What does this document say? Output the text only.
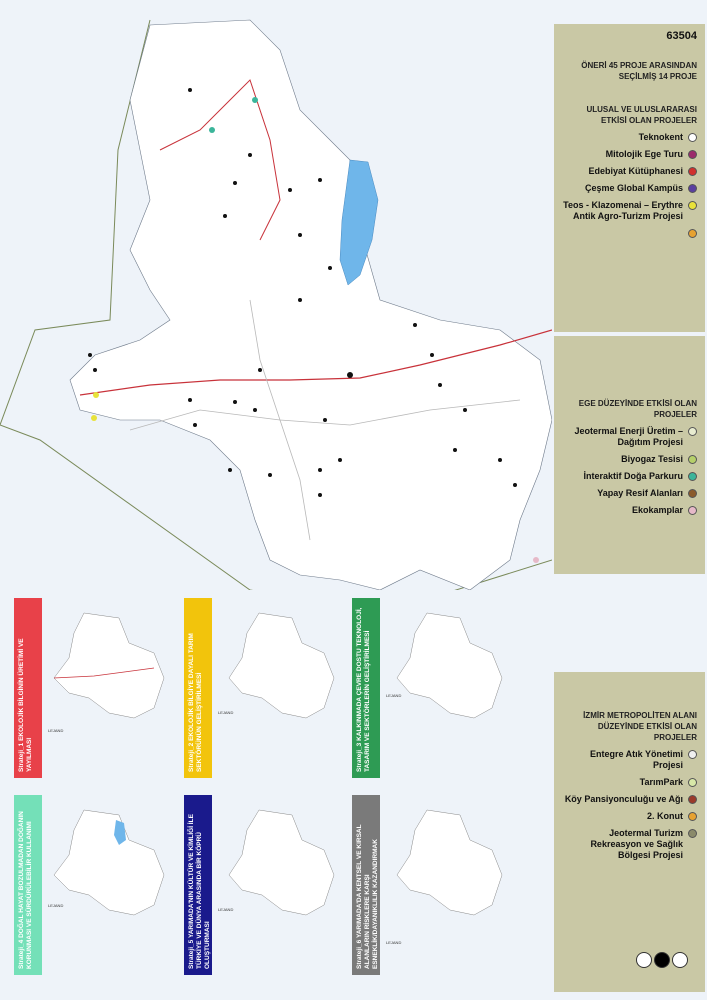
Strateji_1 EKOLOJİK BİLGİNİN ÜRETİMİ VE YAYILMASI
LEJAND	Strateji_2 EKOLOJİK BİLGİYE DAYALI TARIM SEKTÖRÜNÜN GELİŞTİRİLMESİ	LEJAND	Strateji_3 KALKINMADA ÇEVRE DOSTU TEKNOLOJİ, TASARIM VE SEKTÖRLERİN GELİŞTİRİLMESİ	LEJAND
Strateji_4 DOĞAL HAYAT BOZULMADAN DOĞANIN KORUNMASI VE SÜRDÜRÜLEBİLİR KULLANIMI	LEJAND	Strateji_5 YARIMADA'NIN KÜLTÜR VE KİMLİĞİ İLE TÜRKİYE VE DÜNYA ARASINDA BİR KÖPRÜ OLUŞTURMASI
LEJAND	Strateji_6 YARIMADA'DA KENTSEL VE KIRSAL ALANLARIN RİSKLERE KARŞI ESNEKLİK/DAYANIKLILIK KAZANDIRMAK LEJAND
63504
ÖNERİ 45 PROJE ARASINDAN SEÇİLMİŞ 14 PROJE
ULUSAL VE ULUSLARARASI ETKİSİ OLAN PROJELER
Teknokent
Mitolojik Ege Turu
Edebiyat Kütüphanesi
Çeşme Global Kampüs
Teos - Klazomenai – Erythre Antik Agro-Turizm Projesi
EGE DÜZEYİNDE ETKİSİ OLAN PROJELER
Jeotermal Enerji Üretim – Dağıtım Projesi
Biyogaz Tesisi
İnteraktif Doğa Parkuru
Yapay Resif Alanları
Ekokamplar
İZMİR METROPOLİTEN ALANI DÜZEYİNDE ETKİSİ OLAN PROJELER
Entegre Atık Yönetimi Projesi
TarımPark
Köy Pansiyonculuğu ve Ağı
2. Konut
Jeotermal Turizm Rekreasyon ve Sağlık Bölgesi Projesi
